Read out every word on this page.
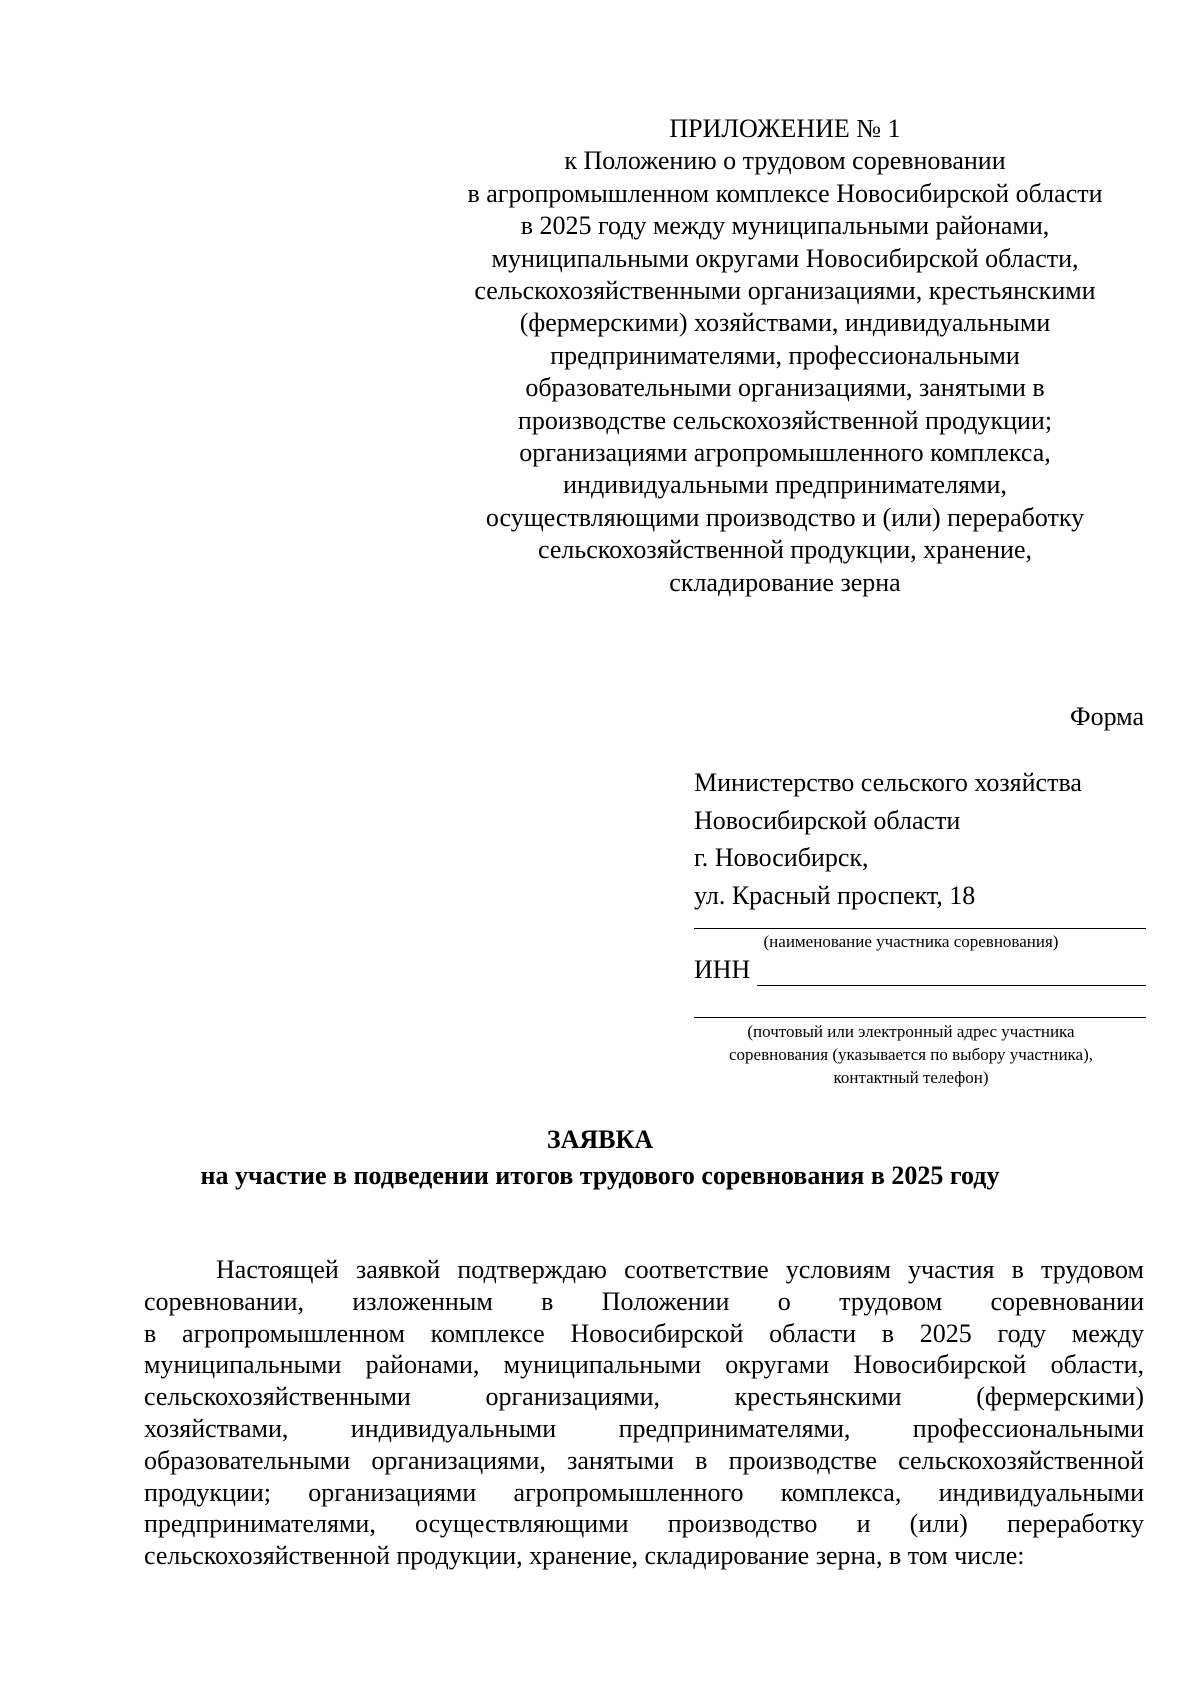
ПРИЛОЖЕНИЕ № 1
к Положению о трудовом соревновании
в агропромышленном комплексе Новосибирской области
в 2025 году между муниципальными районами,
муниципальными округами Новосибирской области,
сельскохозяйственными организациями, крестьянскими
(фермерскими) хозяйствами, индивидуальными
предпринимателями, профессиональными
образовательными организациями, занятыми в
производстве сельскохозяйственной продукции;
организациями агропромышленного комплекса,
индивидуальными предпринимателями,
осуществляющими производство и (или) переработку
сельскохозяйственной продукции, хранение,
складирование зерна
Форма
Министерство сельского хозяйства
Новосибирской области
г. Новосибирск,
ул. Красный проспект, 18
(наименование участника соревнования)
ИНН
(почтовый или электронный адрес участника
соревнования (указывается по выбору участника),
контактный телефон)
ЗАЯВКА
на участие в подведении итогов трудового соревнования в 2025 году
Настоящей заявкой подтверждаю соответствие условиям участия в трудовом
соревновании, изложенным в Положении о трудовом соревновании
в агропромышленном комплексе Новосибирской области в 2025 году между
муниципальными районами, муниципальными округами Новосибирской области,
сельскохозяйственными организациями, крестьянскими (фермерскими)
хозяйствами, индивидуальными предпринимателями, профессиональными
образовательными организациями, занятыми в производстве сельскохозяйственной
продукции; организациями агропромышленного комплекса, индивидуальными
предпринимателями, осуществляющими производство и (или) переработку
сельскохозяйственной продукции, хранение, складирование зерна, в том числе:
